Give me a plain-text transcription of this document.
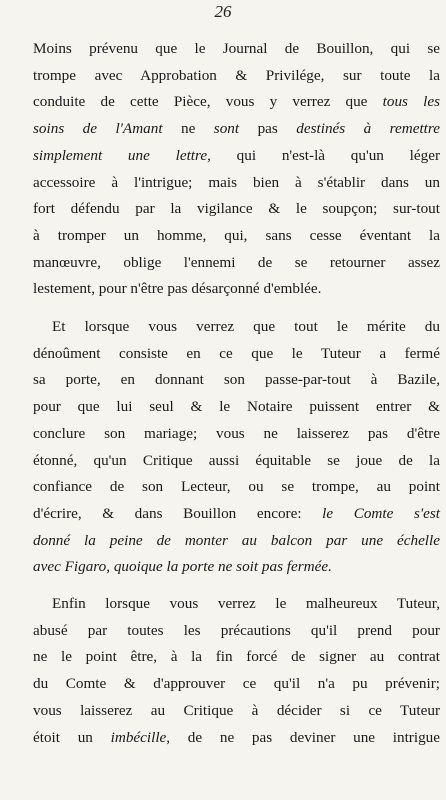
26
Moins prévenu que le Journal de Bouillon, qui se
trompe avec Approbation & Privilége, sur toute la
conduite de cette Pièce, vous y verrez que tous les
soins de l'Amant ne sont pas destinés à remettre
simplement une lettre, qui n'est-là qu'un léger
accessoire à l'intrigue; mais bien à s'établir dans un
fort défendu par la vigilance & le soupçon; sur-tout
à tromper un homme, qui, sans cesse éventant la
manœuvre, oblige l'ennemi de se retourner assez
lestement, pour n'être pas désarçonné d'emblée.
Et lorsque vous verrez que tout le mérite du
dénoûment consiste en ce que le Tuteur a fermé
sa porte, en donnant son passe-par-tout à Bazile,
pour que lui seul & le Notaire puissent entrer &
conclure son mariage; vous ne laisserez pas d'être
étonné, qu'un Critique aussi équitable se joue de la
confiance de son Lecteur, ou se trompe, au point
d'écrire, & dans Bouillon encore: le Comte s'est
donné la peine de monter au balcon par une échelle
avec Figaro, quoique la porte ne soit pas fermée.
Enfin lorsque vous verrez le malheureux Tuteur,
abusé par toutes les précautions qu'il prend pour
ne le point être, à la fin forcé de signer au contrat
du Comte & d'approuver ce qu'il n'a pu prévenir;
vous laisserez au Critique à décider si ce Tuteur
étoit un imbécille, de ne pas deviner une intrigue
